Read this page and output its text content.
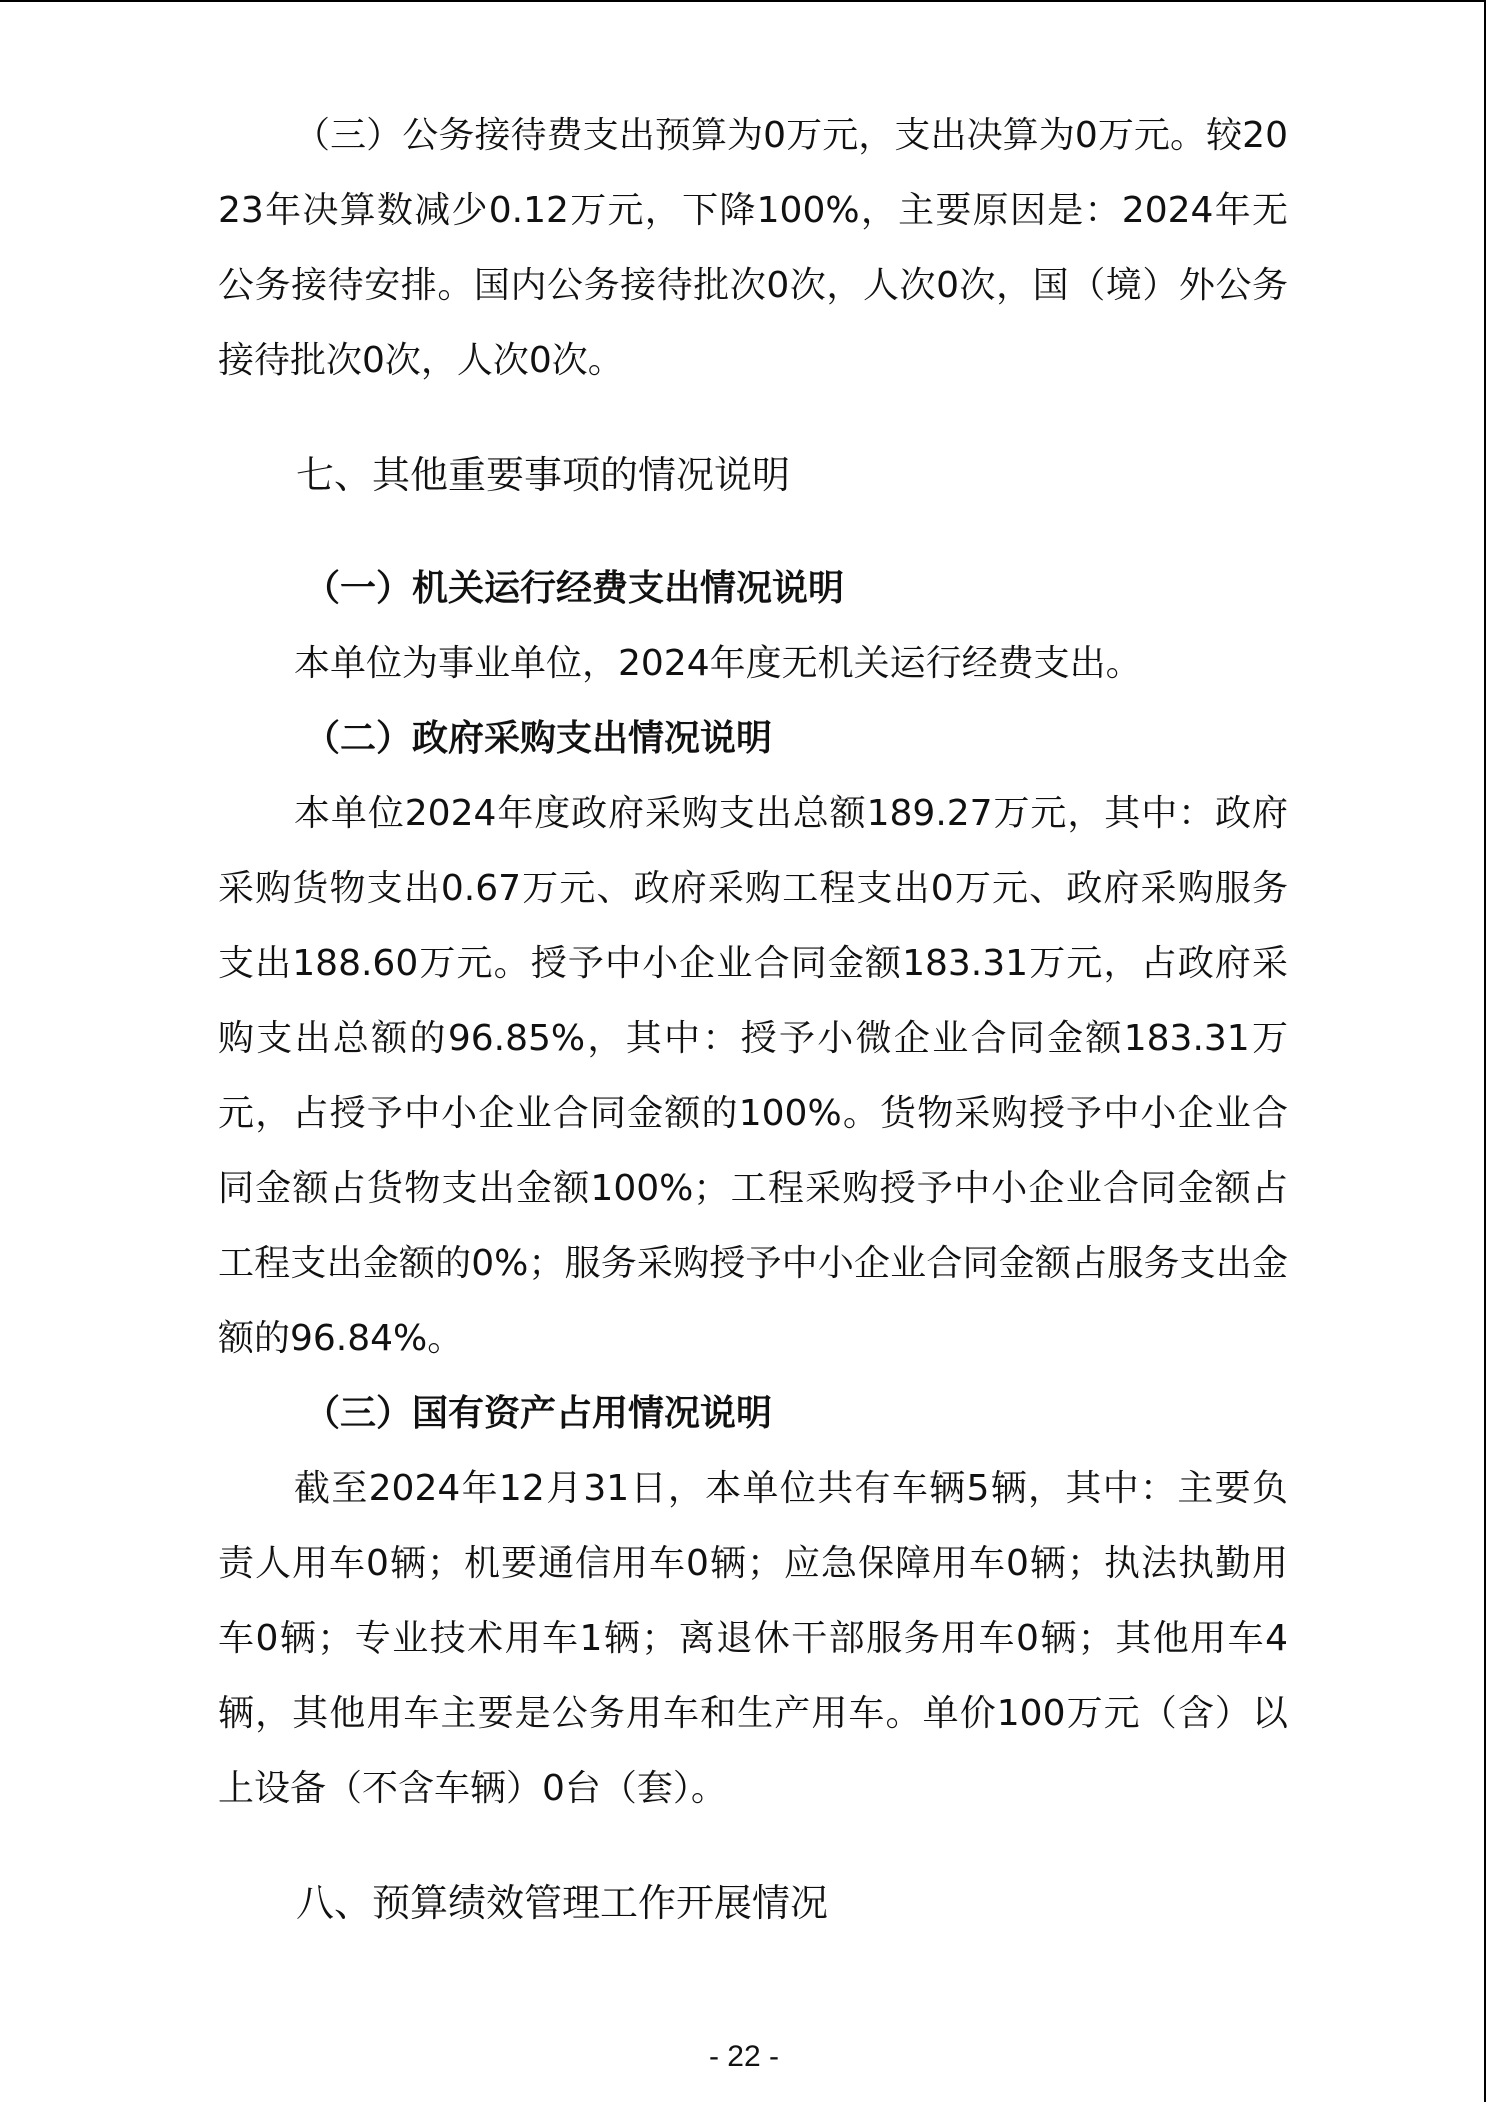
（三）公务接待费支出预算为0万元，支出决算为0万元。较2023年决算数减少0.12万元，下降100%，主要原因是：2024年无公务接待安排。国内公务接待批次0次，人次0次，国（境）外公务接待批次0次，人次0次。

七、其他重要事项的情况说明
（一）机关运行经费支出情况说明

本单位为事业单位，2024年度无机关运行经费支出。

（二）政府采购支出情况说明

本单位2024年度政府采购支出总额189.27万元，其中：政府采购货物支出0.67万元、政府采购工程支出0万元、政府采购服务支出188.60万元。授予中小企业合同金额183.31万元，占政府采购支出总额的96.85%，其中：授予小微企业合同金额183.31万元，占授予中小企业合同金额的100%。货物采购授予中小企业合同金额占货物支出金额100%；工程采购授予中小企业合同金额占工程支出金额的0%；服务采购授予中小企业合同金额占服务支出金额的96.84%。

（三）国有资产占用情况说明

截至2024年12月31日，本单位共有车辆5辆，其中：主要负责人用车0辆；机要通信用车0辆；应急保障用车0辆；执法执勤用车0辆；专业技术用车1辆；离退休干部服务用车0辆；其他用车4辆，其他用车主要是公务用车和生产用车。单价100万元（含）以上设备（不含车辆）0台（套）。

八、预算绩效管理工作开展情况
- 22 -
